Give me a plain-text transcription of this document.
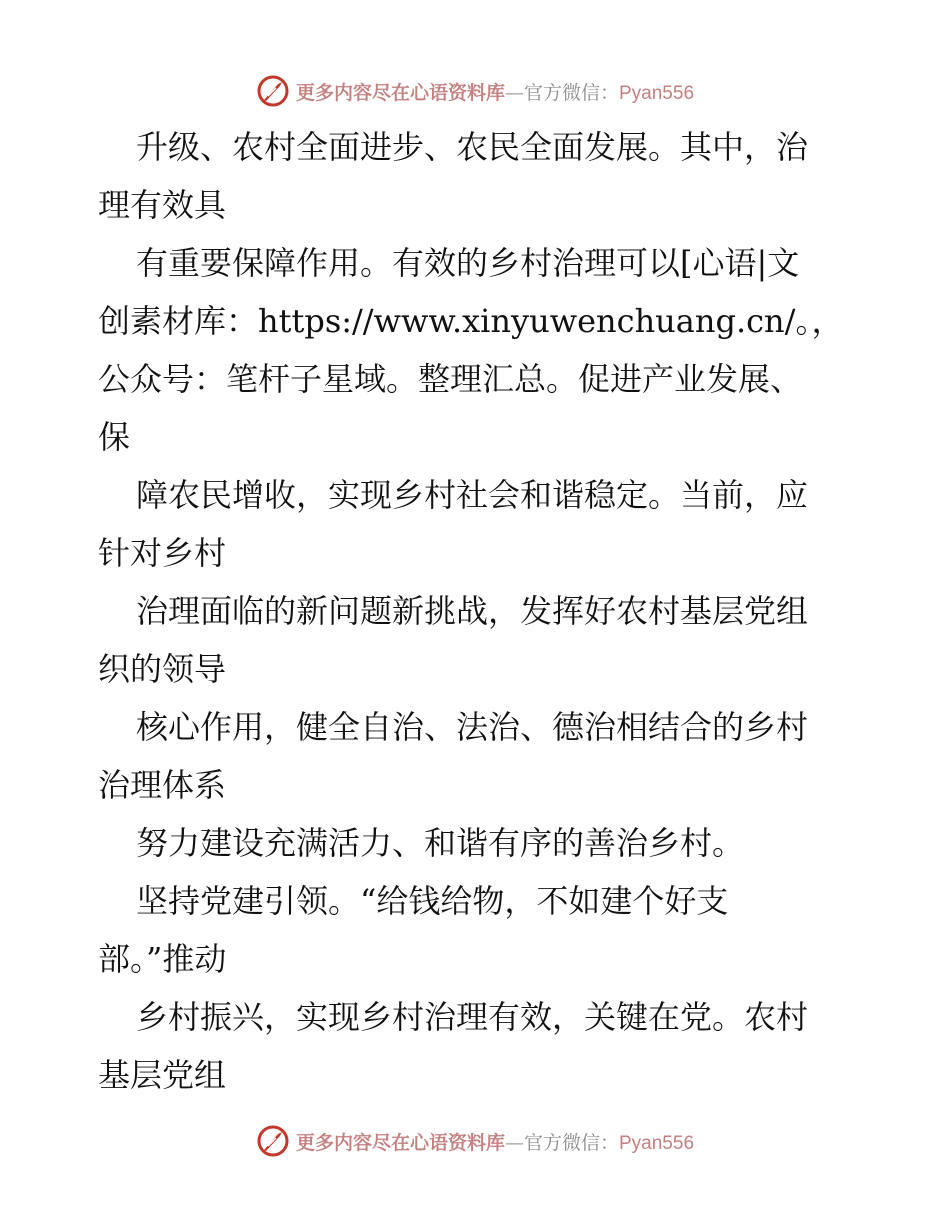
更多内容尽在心语资料库—官方微信：Pyan556
升级、农村全面进步、农民全面发展。其中，治
理有效具
有重要保障作用。有效的乡村治理可以[心语|文
创素材库：https://www.xinyuwenchuang.cn/。，
公众号：笔杆子星域。整理汇总。促进产业发展、
保
障农民增收，实现乡村社会和谐稳定。当前，应
针对乡村
治理面临的新问题新挑战，发挥好农村基层党组
织的领导
核心作用，健全自治、法治、德治相结合的乡村
治理体系
努力建设充满活力、和谐有序的善治乡村。
坚持党建引领。“给钱给物，不如建个好支
部。”推动
乡村振兴，实现乡村治理有效，关键在党。农村
基层党组
更多内容尽在心语资料库—官方微信：Pyan556
